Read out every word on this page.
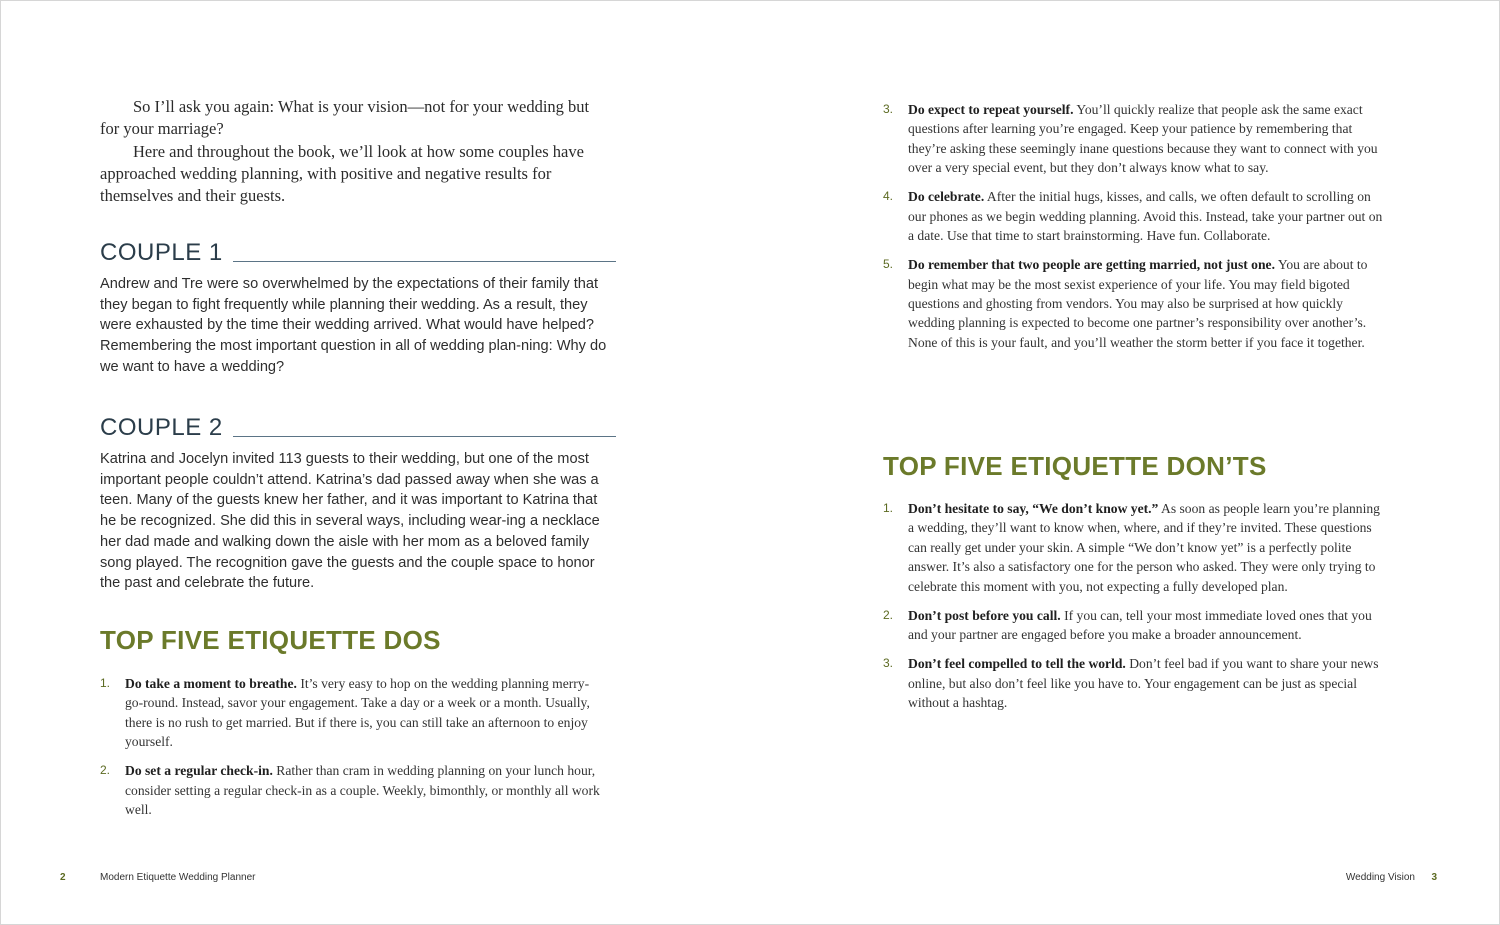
So I’ll ask you again: What is your vision—not for your wedding but for your marriage?

Here and throughout the book, we’ll look at how some couples have approached wedding planning, with positive and negative results for themselves and their guests.

COUPLE 1

Andrew and Tre were so overwhelmed by the expectations of their family that they began to fight frequently while planning their wedding. As a result, they were exhausted by the time their wedding arrived. What would have helped? Remembering the most important question in all of wedding plan-ning: Why do we want to have a wedding?

COUPLE 2

Katrina and Jocelyn invited 113 guests to their wedding, but one of the most important people couldn’t attend. Katrina’s dad passed away when she was a teen. Many of the guests knew her father, and it was important to Katrina that he be recognized. She did this in several ways, including wear-ing a necklace her dad made and walking down the aisle with her mom as a beloved family song played. The recognition gave the guests and the couple space to honor the past and celebrate the future.

TOP FIVE ETIQUETTE DOS
1. Do take a moment to breathe. It’s very easy to hop on the wedding planning merry-go-round. Instead, savor your engagement. Take a day or a week or a month. Usually, there is no rush to get married. But if there is, you can still take an afternoon to enjoy yourself.
2. Do set a regular check-in. Rather than cram in wedding planning on your lunch hour, consider setting a regular check-in as a couple. Weekly, bimonthly, or monthly all work well.
2	Modern Etiquette Wedding Planner
3. Do expect to repeat yourself. You’ll quickly realize that people ask the same exact questions after learning you’re engaged. Keep your patience by remembering that they’re asking these seemingly inane questions because they want to connect with you over a very special event, but they don’t always know what to say.
4. Do celebrate. After the initial hugs, kisses, and calls, we often default to scrolling on our phones as we begin wedding planning. Avoid this. Instead, take your partner out on a date. Use that time to start brainstorming. Have fun. Collaborate.
5. Do remember that two people are getting married, not just one. You are about to begin what may be the most sexist experience of your life. You may field bigoted questions and ghosting from vendors. You may also be surprised at how quickly wedding planning is expected to become one partner’s responsibility over another’s. None of this is your fault, and you’ll weather the storm better if you face it together.
TOP FIVE ETIQUETTE DON’TS
1. Don’t hesitate to say, “We don’t know yet.” As soon as people learn you’re planning a wedding, they’ll want to know when, where, and if they’re invited. These questions can really get under your skin. A simple “We don’t know yet” is a perfectly polite answer. It’s also a satisfactory one for the person who asked. They were only trying to celebrate this moment with you, not expecting a fully developed plan.
2. Don’t post before you call. If you can, tell your most immediate loved ones that you and your partner are engaged before you make a broader announcement.
3. Don’t feel compelled to tell the world. Don’t feel bad if you want to share your news online, but also don’t feel like you have to. Your engagement can be just as special without a hashtag.
Wedding Vision 3
